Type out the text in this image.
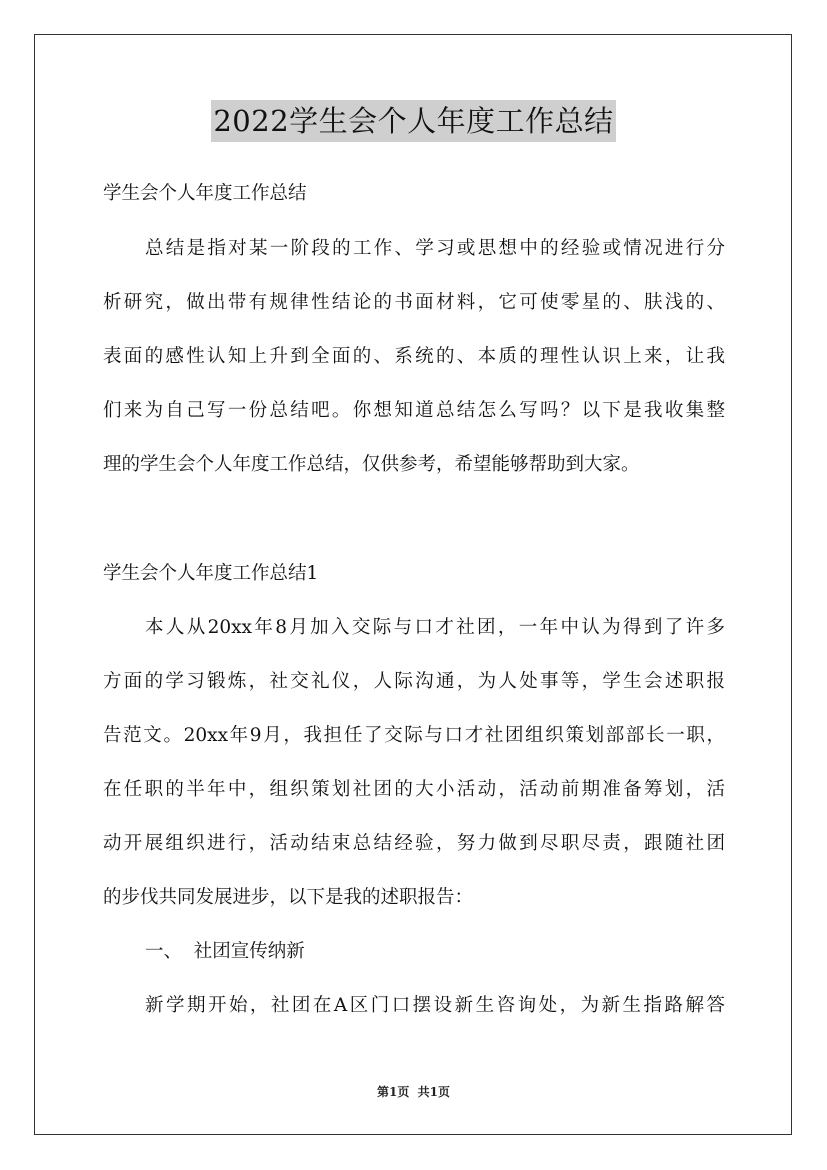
2022学生会个人年度工作总结
学生会个人年度工作总结
总结是指对某一阶段的工作、学习或思想中的经验或情况进行分
析研究，做出带有规律性结论的书面材料，它可使零星的、肤浅的、
表面的感性认知上升到全面的、系统的、本质的理性认识上来，让我
们来为自己写一份总结吧。你想知道总结怎么写吗？以下是我收集整
理的学生会个人年度工作总结，仅供参考，希望能够帮助到大家。
学生会个人年度工作总结1
本人从20xx年8月加入交际与口才社团，一年中认为得到了许多
方面的学习锻炼，社交礼仪，人际沟通，为人处事等，学生会述职报
告范文。20xx年9月，我担任了交际与口才社团组织策划部部长一职，
在任职的半年中，组织策划社团的大小活动，活动前期准备筹划，活
动开展组织进行，活动结束总结经验，努力做到尽职尽责，跟随社团
的步伐共同发展进步，以下是我的述职报告：
一、  社团宣传纳新
新学期开始，社团在A区门口摆设新生咨询处，为新生指路解答
第1页  共1页
